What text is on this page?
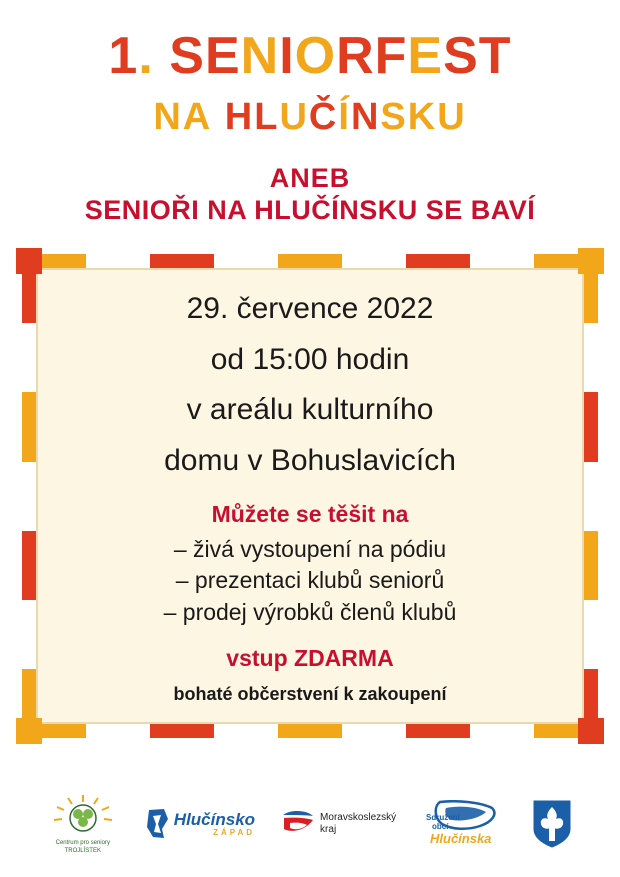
1. SENIORFEST
NA HLUČÍNSKU
ANEB
SENIOŘI NA HLUČÍNSKU SE BAVÍ
29. července 2022
od 15:00 hodin
v areálu kulturního
domu v Bohuslavicích
Můžete se těšit na
– živá vystoupení na pódiu
– prezentaci klubů seniorů
– prodej výrobků členů klubů
vstup ZDARMA
bohaté občerstvení k zakoupení
Centrum pro seniory
TROJLÍSTEK
Hlučínsko
ZÁPAD
Moravskoslezský
kraj
Sdružení
obcí
Hlučínska
